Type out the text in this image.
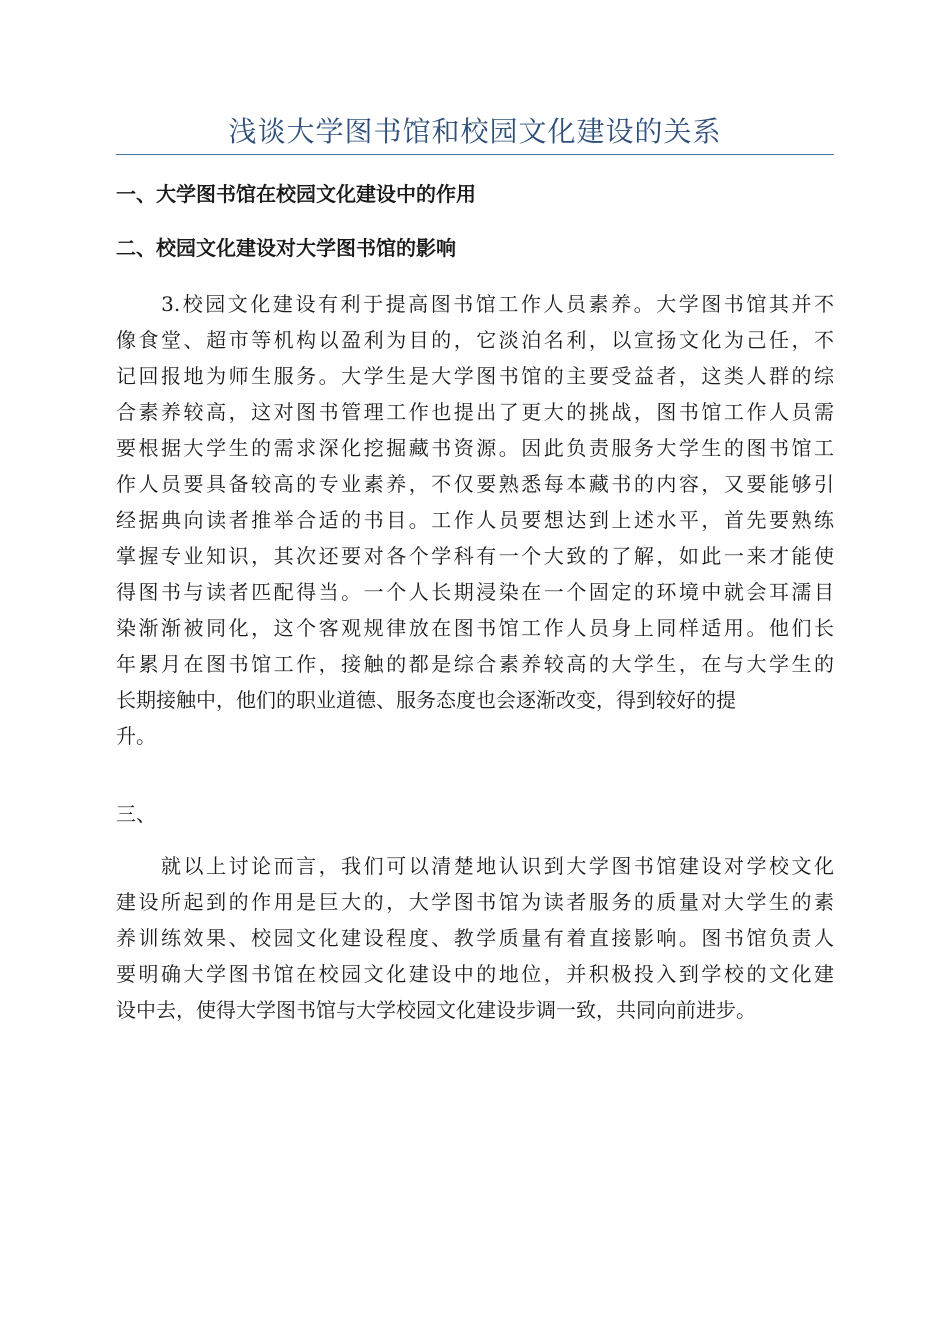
浅谈大学图书馆和校园文化建设的关系
一、大学图书馆在校园文化建设中的作用
二、校园文化建设对大学图书馆的影响
　　3.校园文化建设有利于提高图书馆工作人员素养。大学图书馆其并不
像食堂、超市等机构以盈利为目的，它淡泊名利，以宣扬文化为己任，不
记回报地为师生服务。大学生是大学图书馆的主要受益者，这类人群的综
合素养较高，这对图书管理工作也提出了更大的挑战，图书馆工作人员需
要根据大学生的需求深化挖掘藏书资源。因此负责服务大学生的图书馆工
作人员要具备较高的专业素养，不仅要熟悉每本藏书的内容，又要能够引
经据典向读者推举合适的书目。工作人员要想达到上述水平，首先要熟练
掌握专业知识，其次还要对各个学科有一个大致的了解，如此一来才能使
得图书与读者匹配得当。一个人长期浸染在一个固定的环境中就会耳濡目
染渐渐被同化，这个客观规律放在图书馆工作人员身上同样适用。他们长
年累月在图书馆工作，接触的都是综合素养较高的大学生，在与大学生的
长期接触中，他们的职业道德、服务态度也会逐渐改变，得到较好的提
升。
三、
　　就以上讨论而言，我们可以清楚地认识到大学图书馆建设对学校文化
建设所起到的作用是巨大的，大学图书馆为读者服务的质量对大学生的素
养训练效果、校园文化建设程度、教学质量有着直接影响。图书馆负责人
要明确大学图书馆在校园文化建设中的地位，并积极投入到学校的文化建
设中去，使得大学图书馆与大学校园文化建设步调一致，共同向前进步。
